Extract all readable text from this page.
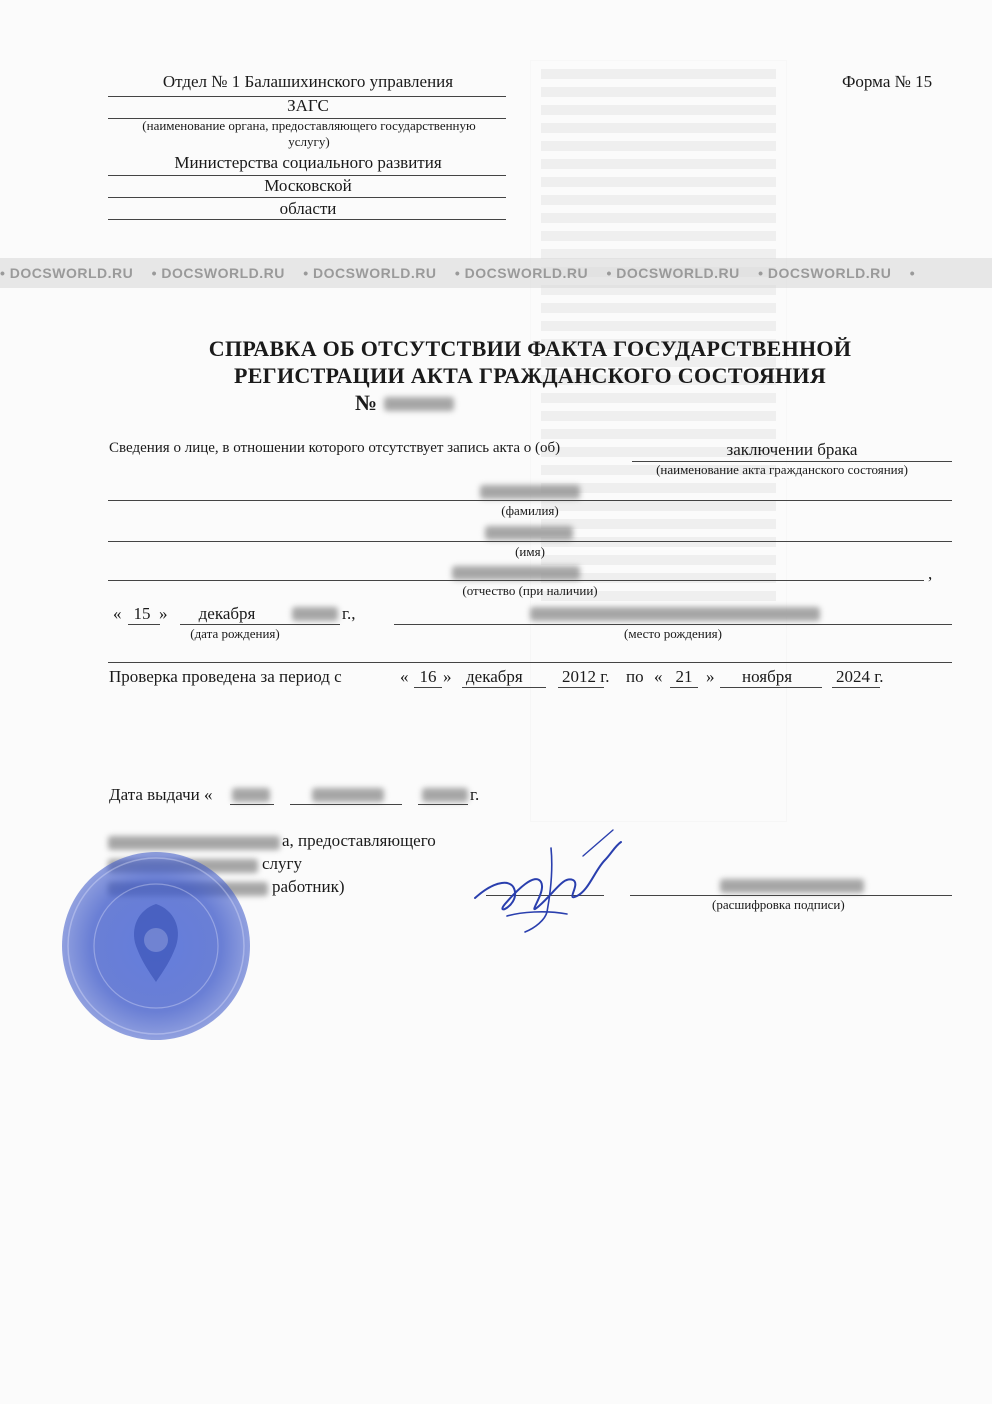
Отдел № 1 Балашихинского управления
ЗАГС
(наименование органа, предоставляющего государственную
услугу)
Министерства социального развития
Московской
области
Форма № 15
• DOCSWORLD.RU • DOCSWORLD.RU • DOCSWORLD.RU • DOCSWORLD.RU • DOCSWORLD.RU • DOCSWORLD.RU •
СПРАВКА ОБ ОТСУТСТВИИ ФАКТА ГОСУДАРСТВЕННОЙ
РЕГИСТРАЦИИ АКТА ГРАЖДАНСКОГО СОСТОЯНИЯ
№
Сведения о лице, в отношении которого отсутствует запись акта о (об)	заключении брака
(наименование акта гражданского состояния)
(фамилия)
(имя)
,
(отчество (при наличии)
« 15 »	декабря	г.,
(дата рождения)	(место рождения)
Проверка проведена за период с	« 16 » декабря 2012 г. по « 21 » ноября	2024 г.
Дата выдачи «	г.
а, предоставляющего
слугу
работник)
(расшифровка подписи)
